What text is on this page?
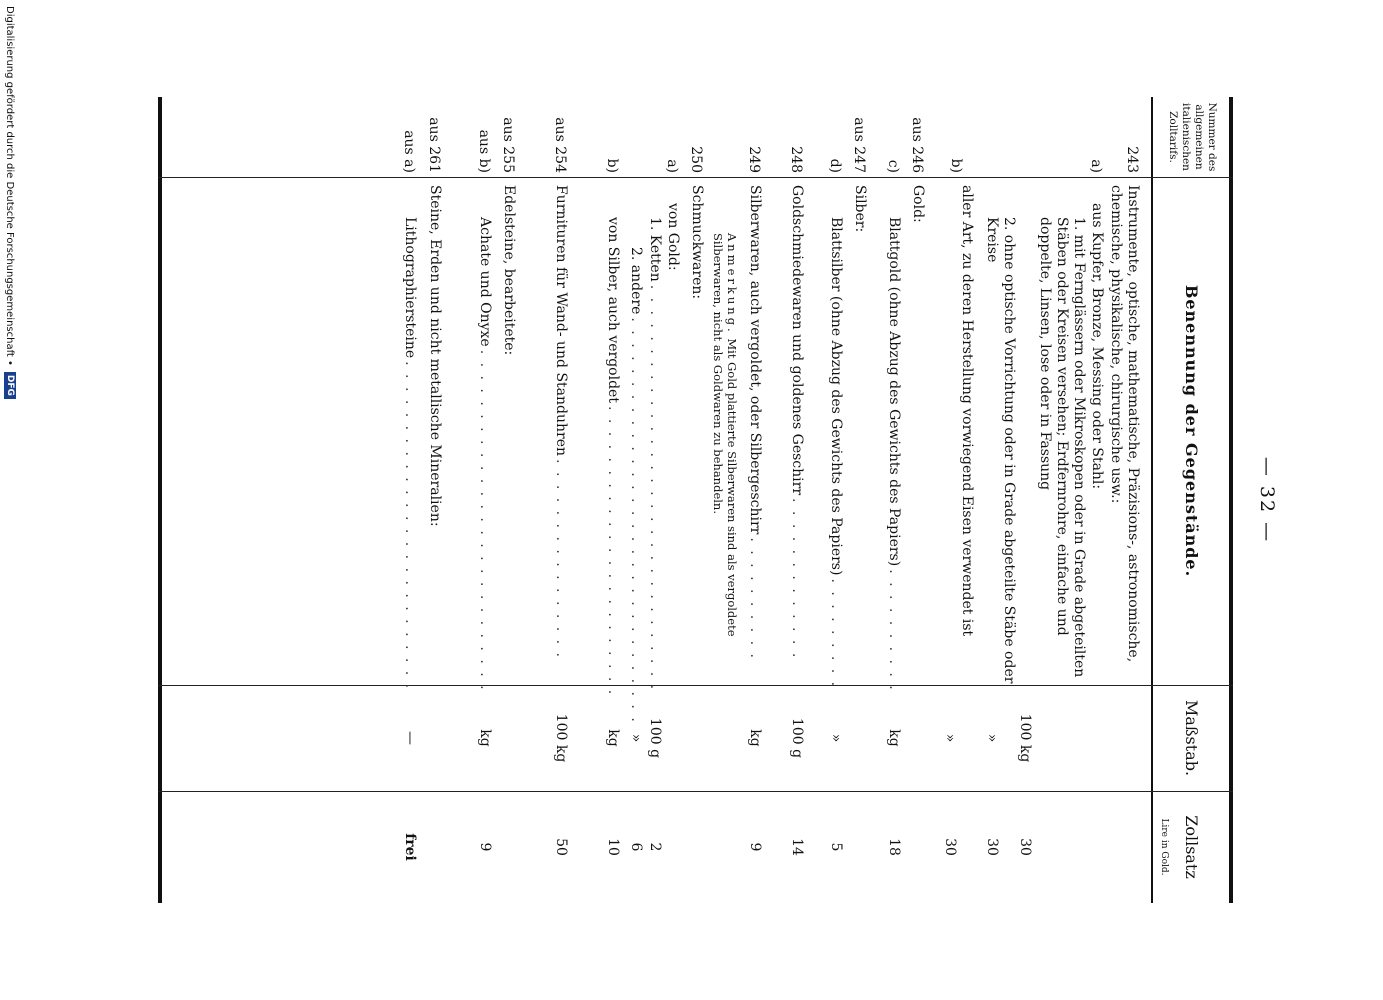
— 32 —
Nummer des allgemeinen italienischen Zolltarifs.
Benennung der Gegenstände.
Maßstab.
Zollsatz
Lire in Gold.
243
Instrumente, optische, mathematische, Präzisions-, astronomische, chemische, physikalische, chirurgische usw.:
a)
aus Kupfer, Bronze, Messing oder Stahl:
1. mit Fernglässern oder Mikroskopen oder in Grade abgeteilten Stäben oder Kreisen versehen; Erdfernrohre, einfache und doppelte, Linsen, lose oder in Fassung
100 kg
30
2. ohne optische Vorrichtung oder in Grade abgeteilte Stäbe oder Kreise
»
30
b)
aller Art, zu deren Herstellung vorwiegend Eisen verwendet ist
»
30
aus 246
Gold:
c)
Blattgold (ohne Abzug des Gewichts des Papiers)
. . .
kg
18
aus 247
Silber:
d)
Blattsilber (ohne Abzug des Gewichts des Papiers)
. . .
»
5
248
Goldschmiedewaren und goldenes Geschirr
. . .
100 g
14
249
Silberwaren, auch vergoldet, oder Silbergeschirr
. . .
kg
9
Anmerkung. Mit Gold plattierte Silberwaren sind als vergoldete Silberwaren, nicht als Goldwaren zu behandeln.
250
Schmuckwaren:
a)
von Gold:
1. Ketten
. . .
100 g
2
2. andere
. . .
»
6
b)
von Silber, auch vergoldet
. . .
kg
10
aus 254
Furnituren für Wand- und Standuhren
. . .
100 kg
50
aus 255
Edelsteine, bearbeitete:
aus b)
Achate und Onyxe
. . .
kg
9
aus 261
Steine, Erden und nicht metallische Mineralien:
aus a)
Lithographiersteine
. . .
—
frei
Digitalisierung gefördert durch die Deutsche Forschungsgemeinschaft •
DFG
